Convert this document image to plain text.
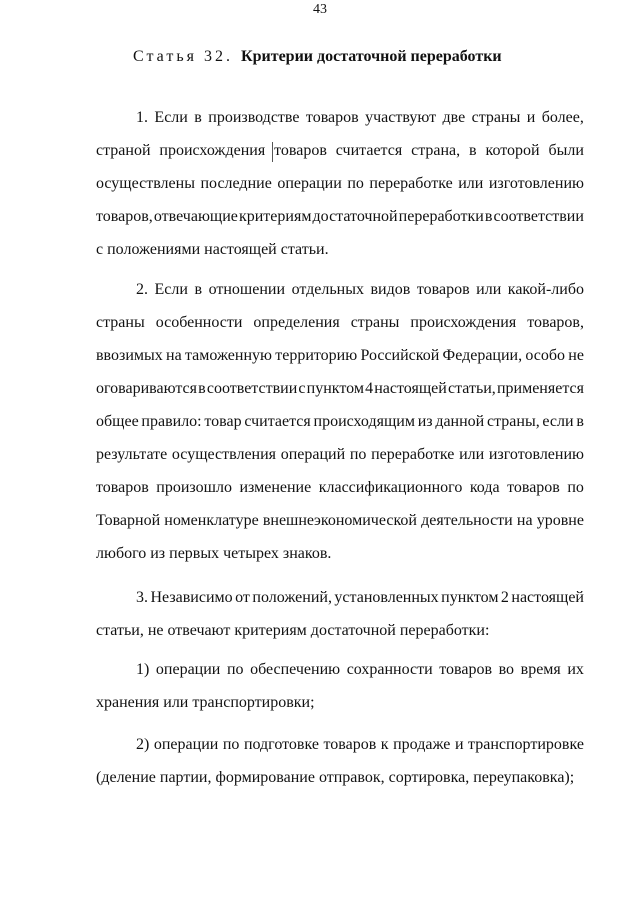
43
Статья 32. Критерии достаточной переработки
1. Если в производстве товаров участвуют две страны и более,
страной происхождения товаров считается страна, в которой были
осуществлены последние операции по переработке или изготовлению
товаров, отвечающие критериям достаточной переработки в соответствии
с положениями настоящей статьи.
2. Если в отношении отдельных видов товаров или какой-либо
страны особенности определения страны происхождения товаров,
ввозимых на таможенную территорию Российской Федерации, особо не
оговариваются в соответствии с пунктом 4 настоящей статьи, применяется
общее правило: товар считается происходящим из данной страны, если в
результате осуществления операций по переработке или изготовлению
товаров произошло изменение классификационного кода товаров по
Товарной номенклатуре внешнеэкономической деятельности на уровне
любого из первых четырех знаков.
3. Независимо от положений, установленных пунктом 2 настоящей
статьи, не отвечают критериям достаточной переработки:
1) операции по обеспечению сохранности товаров во время их
хранения или транспортировки;
2) операции по подготовке товаров к продаже и транспортировке
(деление партии, формирование отправок, сортировка, переупаковка);
